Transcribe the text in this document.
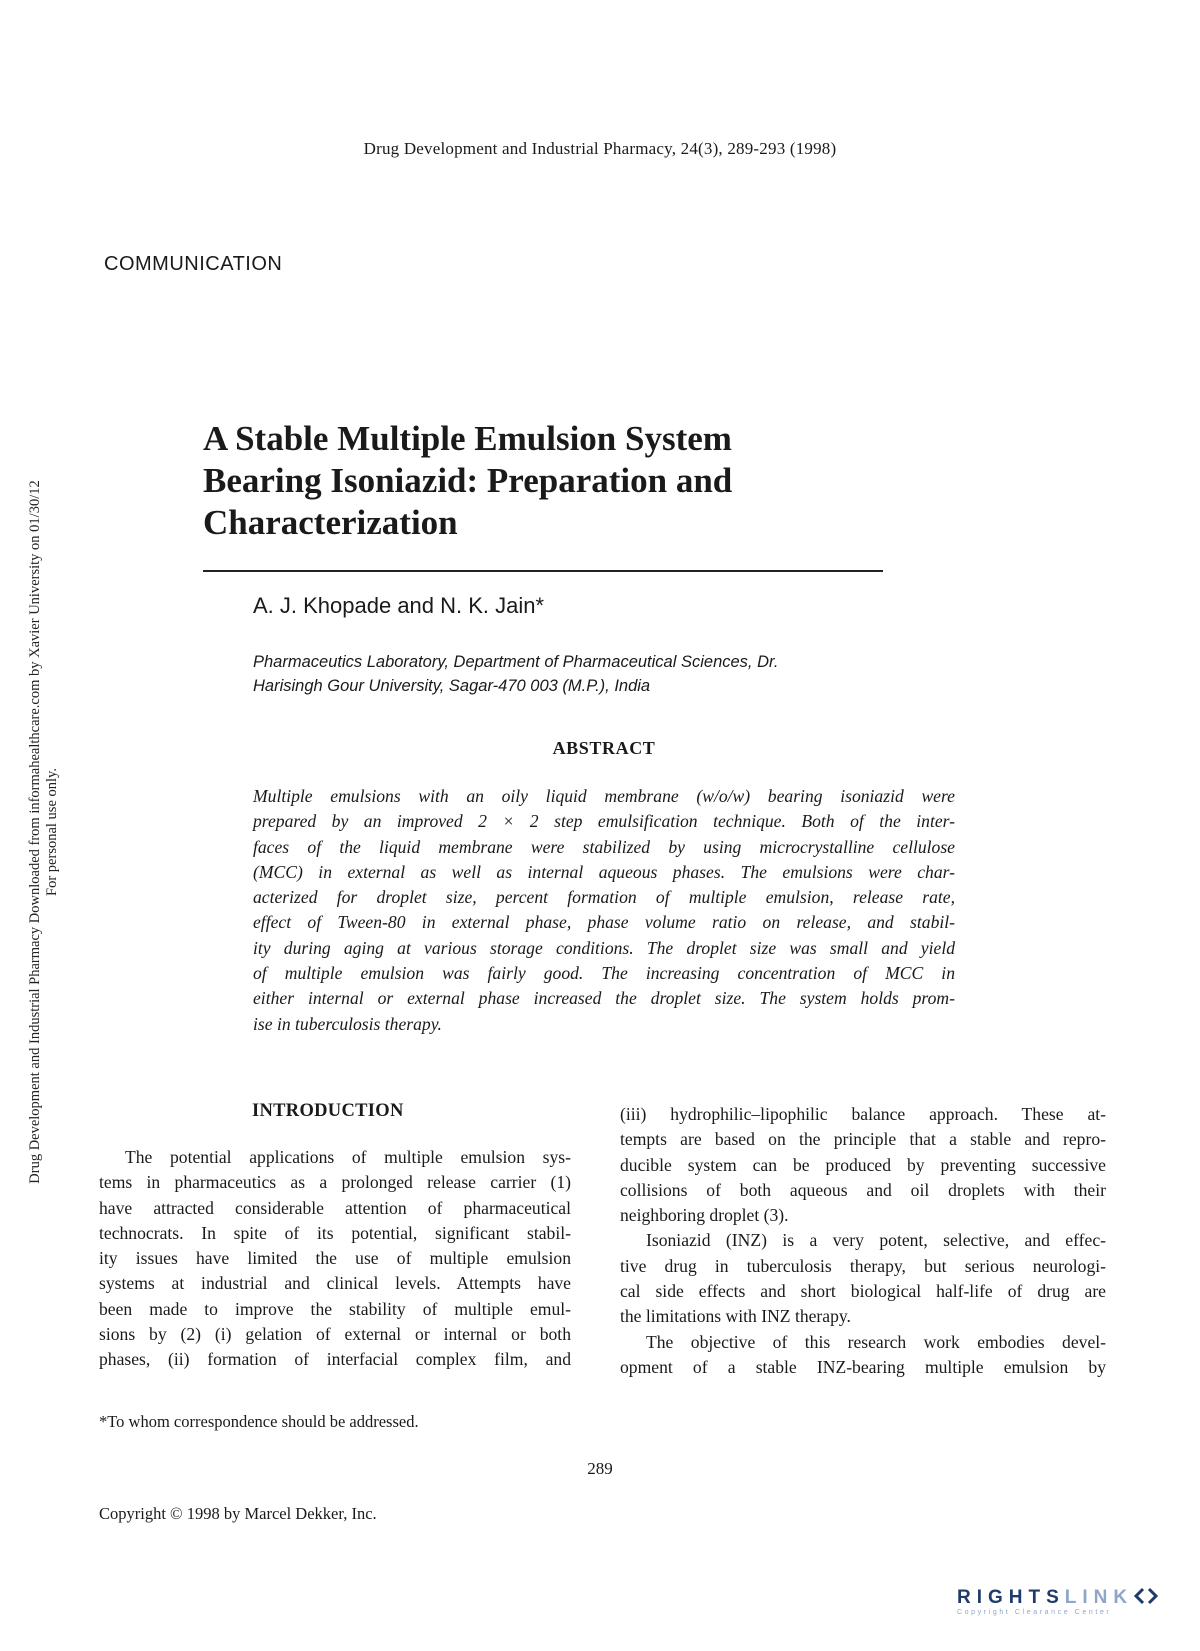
Drug Development and Industrial Pharmacy, 24(3), 289-293 (1998)
COMMUNICATION
Drug Development and Industrial Pharmacy Downloaded from informahealthcare.com by Xavier University on 01/30/12 For personal use only.
A Stable Multiple Emulsion System
Bearing Isoniazid: Preparation and
Characterization
A. J. Khopade and N. K. Jain*
Pharmaceutics Laboratory, Department of Pharmaceutical Sciences, Dr.
Harisingh Gour University, Sagar-470 003 (M.P.), India
ABSTRACT
Multiple emulsions with an oily liquid membrane (w/o/w) bearing isoniazid were
prepared by an improved 2 × 2 step emulsification technique. Both of the inter-
faces of the liquid membrane were stabilized by using microcrystalline cellulose
(MCC) in external as well as internal aqueous phases. The emulsions were char-
acterized for droplet size, percent formation of multiple emulsion, release rate,
effect of Tween-80 in external phase, phase volume ratio on release, and stabil-
ity during aging at various storage conditions. The droplet size was small and yield
of multiple emulsion was fairly good. The increasing concentration of MCC in
either internal or external phase increased the droplet size. The system holds prom-
ise in tuberculosis therapy.
INTRODUCTION
The potential applications of multiple emulsion sys-
tems in pharmaceutics as a prolonged release carrier (1)
have attracted considerable attention of pharmaceutical
technocrats. In spite of its potential, significant stabil-
ity issues have limited the use of multiple emulsion
systems at industrial and clinical levels. Attempts have
been made to improve the stability of multiple emul-
sions by (2) (i) gelation of external or internal or both
phases, (ii) formation of interfacial complex film, and
(iii) hydrophilic–lipophilic balance approach. These at-
tempts are based on the principle that a stable and repro-
ducible system can be produced by preventing successive
collisions of both aqueous and oil droplets with their
neighboring droplet (3).
Isoniazid (INZ) is a very potent, selective, and effec-
tive drug in tuberculosis therapy, but serious neurologi-
cal side effects and short biological half-life of drug are
the limitations with INZ therapy.
The objective of this research work embodies devel-
opment of a stable INZ-bearing multiple emulsion by
*To whom correspondence should be addressed.
289
Copyright © 1998 by Marcel Dekker, Inc.
RIGHTSLINK
Copyright Clearance Center
